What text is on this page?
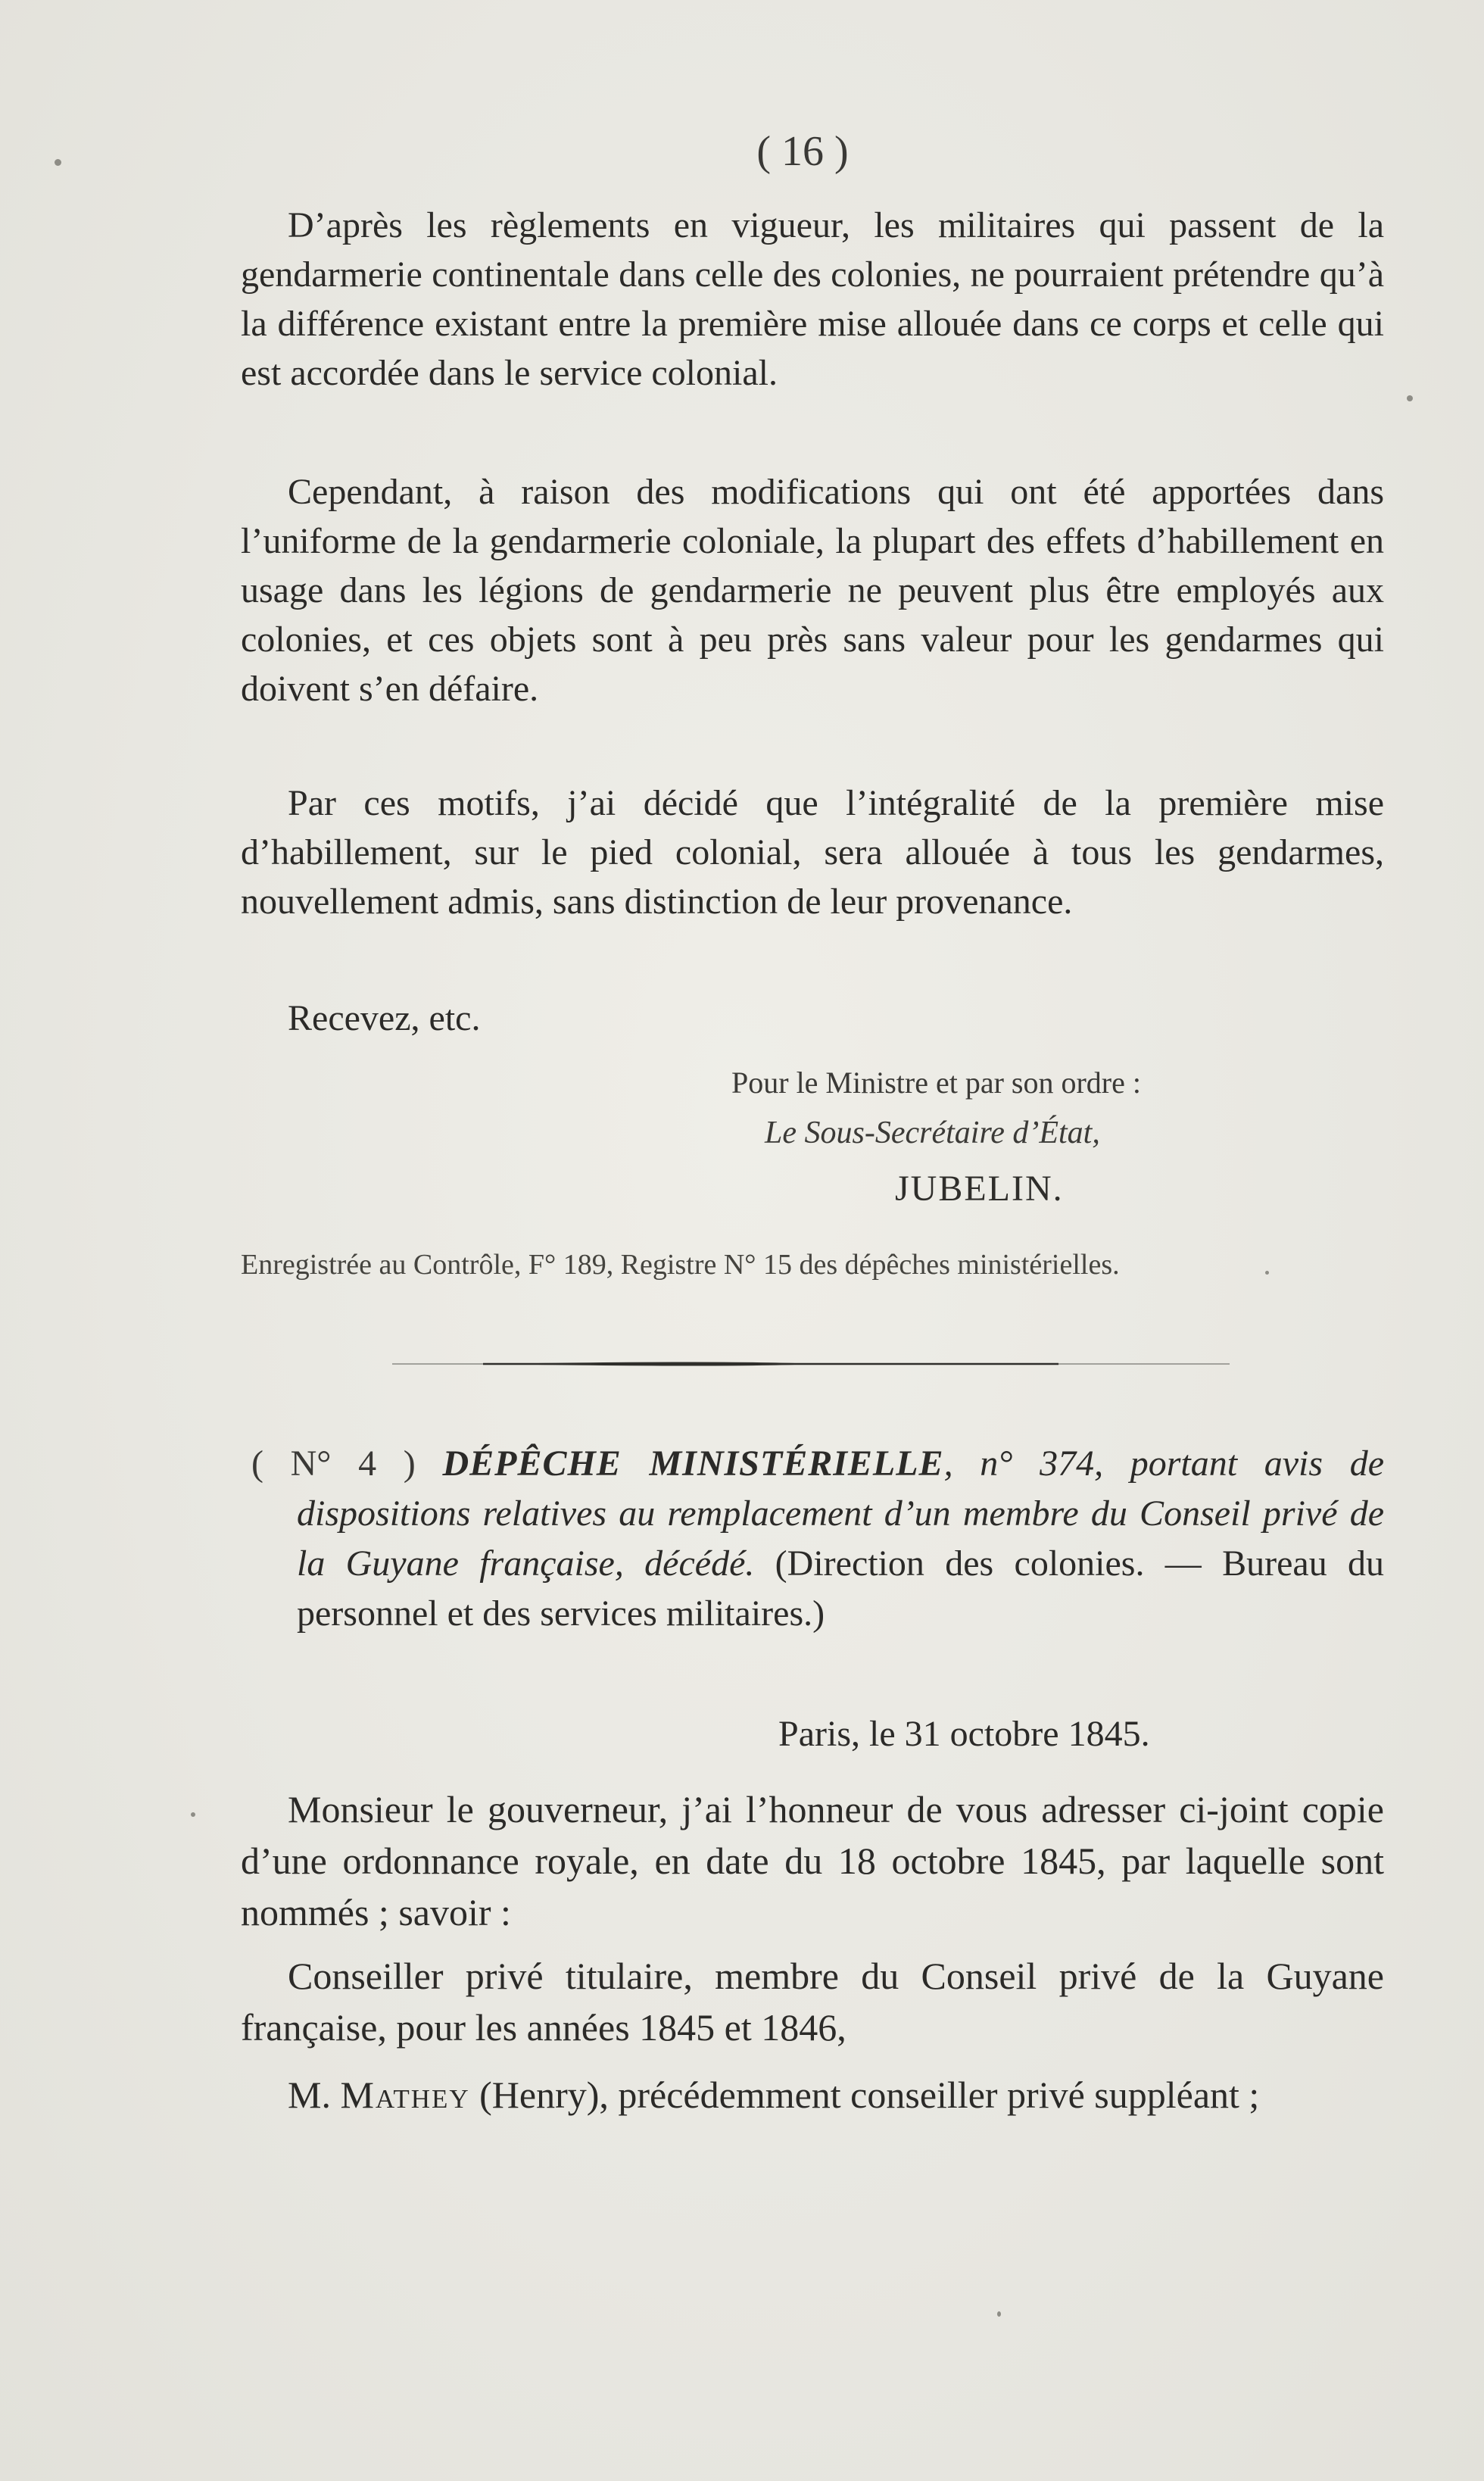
( 16 )

D’après les règlements en vigueur, les militaires qui passent de la gendarmerie continentale dans celle des colonies, ne pourraient prétendre qu’à la différence existant entre la première mise allouée dans ce corps et celle qui est accordée dans le service colonial.

Cependant, à raison des modifications qui ont été apportées dans l’uniforme de la gendarmerie coloniale, la plupart des effets d’habillement en usage dans les légions de gendarmerie ne peuvent plus être employés aux colonies, et ces objets sont à peu près sans valeur pour les gendarmes qui doivent s’en défaire.

Par ces motifs, j’ai décidé que l’intégralité de la première mise d’habillement, sur le pied colonial, sera allouée à tous les gendarmes, nouvellement admis, sans distinction de leur provenance.

Recevez, etc.
Pour le Ministre et par son ordre :
Le Sous-Secrétaire d’État,
JUBELIN.
Enregistrée au Contrôle, F° 189, Registre N° 15 des dépêches ministérielles.

( N° 4 ) DÉPÊCHE MINISTÉRIELLE, n° 374, portant avis de dispositions relatives au remplacement d’un membre du Conseil privé de la Guyane française, décédé. (Direction des colonies. — Bureau du personnel et des services militaires.)

Paris, le 31 octobre 1845.

Monsieur le gouverneur, j’ai l’honneur de vous adresser ci-joint copie d’une ordonnance royale, en date du 18 octobre 1845, par laquelle sont nommés ; savoir :

Conseiller privé titulaire, membre du Conseil privé de la Guyane française, pour les années 1845 et 1846,

M. Mathey (Henry), précédemment conseiller privé suppléant ;
